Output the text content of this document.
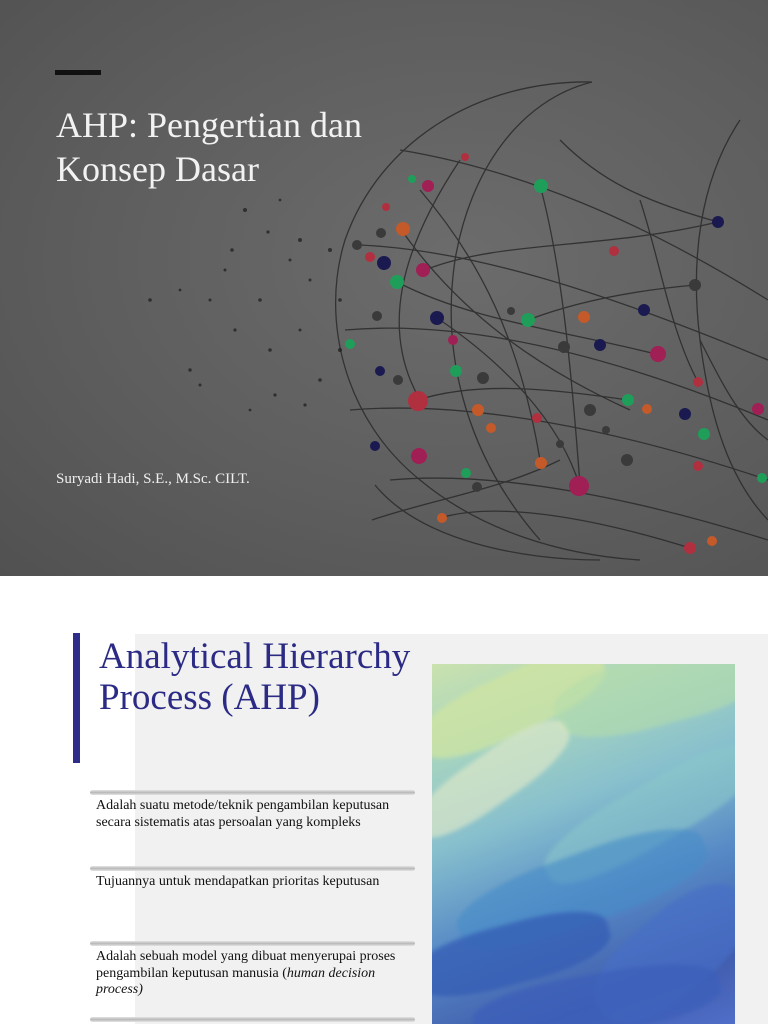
AHP: Pengertian dan Konsep Dasar
Suryadi Hadi, S.E., M.Sc. CILT.
Analytical Hierarchy Process (AHP)
Adalah suatu metode/teknik pengambilan keputusan secara sistematis atas persoalan yang kompleks
Tujuannya untuk mendapatkan prioritas keputusan
Adalah sebuah model yang dibuat menyerupai proses pengambilan keputusan manusia (human decision process)
